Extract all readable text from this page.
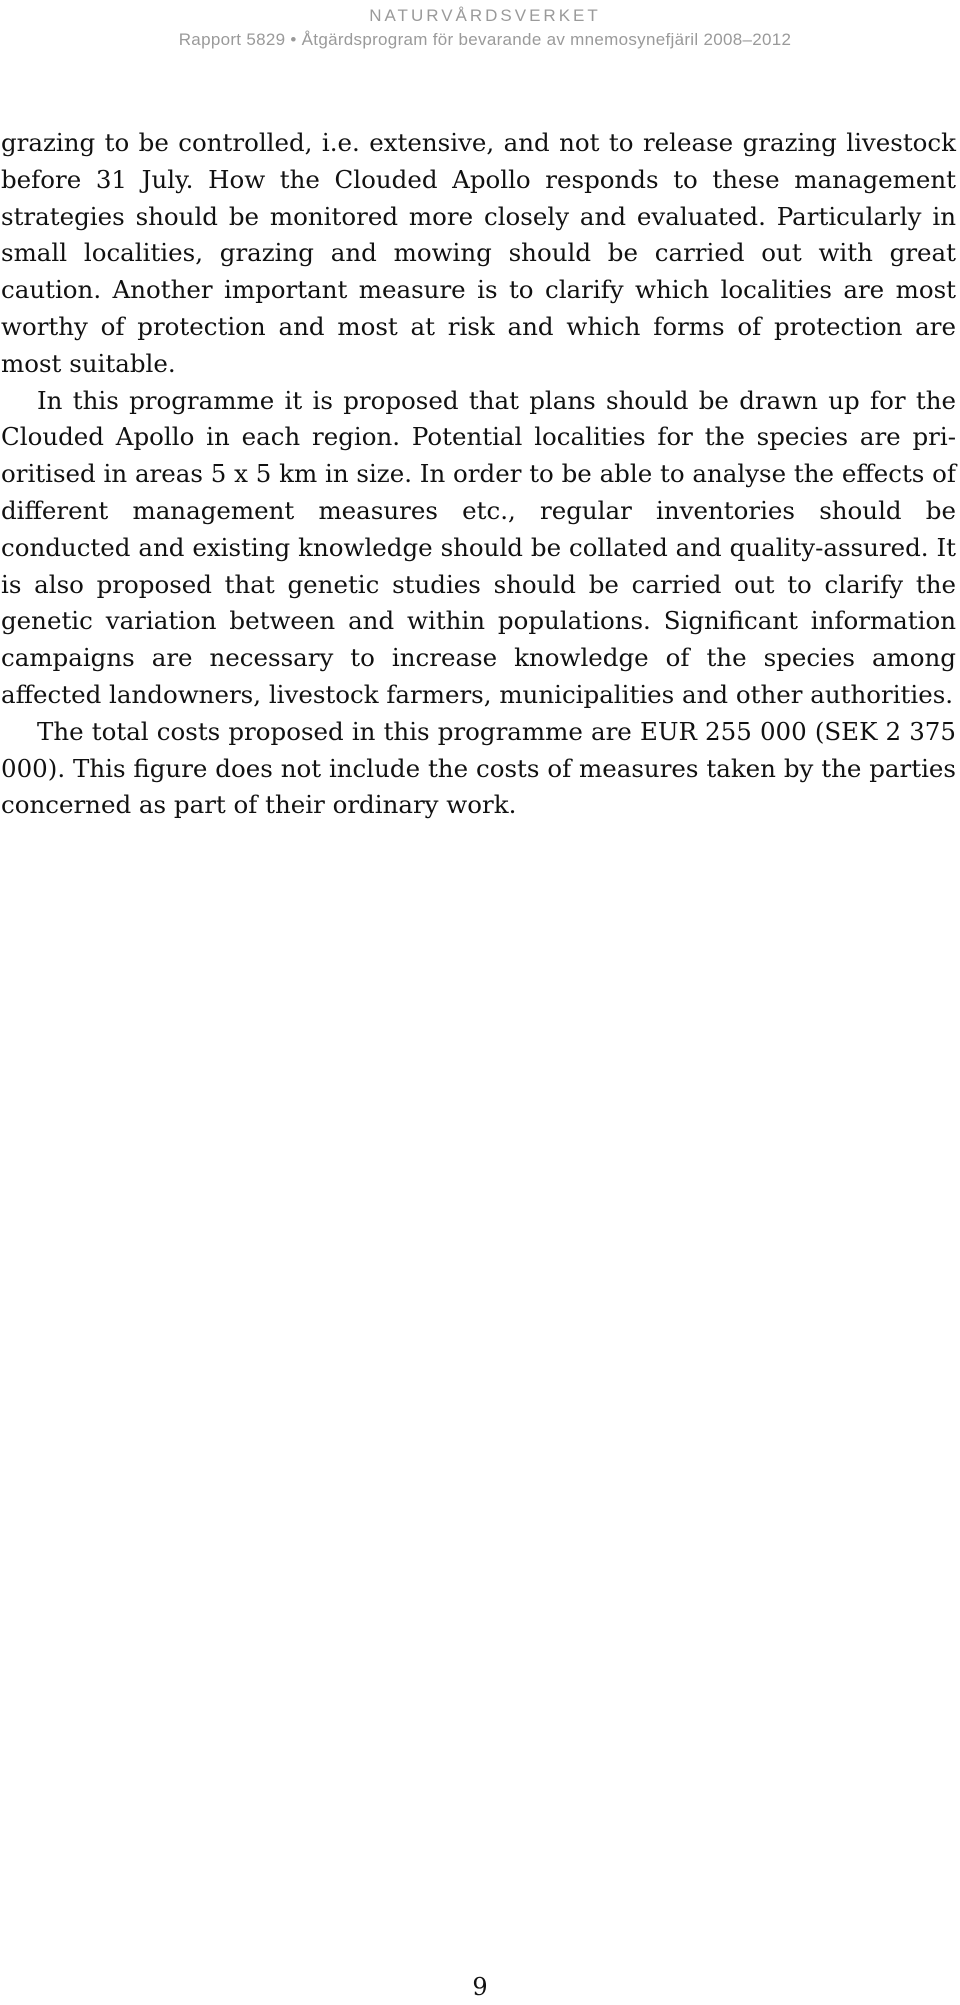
NATURVÅRDSVERKET
Rapport 5829 • Åtgärdsprogram för bevarande av mnemosynefjäril 2008–2012

grazing to be controlled, i.e. extensive, and not to release grazing livestock before 31 July. How the Clouded Apollo responds to these management strategies should be monitored more closely and evaluated. Particularly in small localities, grazing and mowing should be carried out with great caution. Another important measure is to clarify which localities are most worthy of protection and most at risk and which forms of protection are most suitable.

In this programme it is proposed that plans should be drawn up for the Clouded Apollo in each region. Potential localities for the species are prioritised in areas 5 x 5 km in size. In order to be able to analyse the effects of different management measures etc., regular inventories should be conducted and existing knowledge should be collated and quality-assured. It is also proposed that genetic studies should be carried out to clarify the genetic variation between and within populations. Significant information campaigns are necessary to increase knowledge of the species among affected landowners, livestock farmers, municipalities and other authorities.

The total costs proposed in this programme are EUR 255 000 (SEK 2 375 000). This figure does not include the costs of measures taken by the parties concerned as part of their ordinary work.

9
